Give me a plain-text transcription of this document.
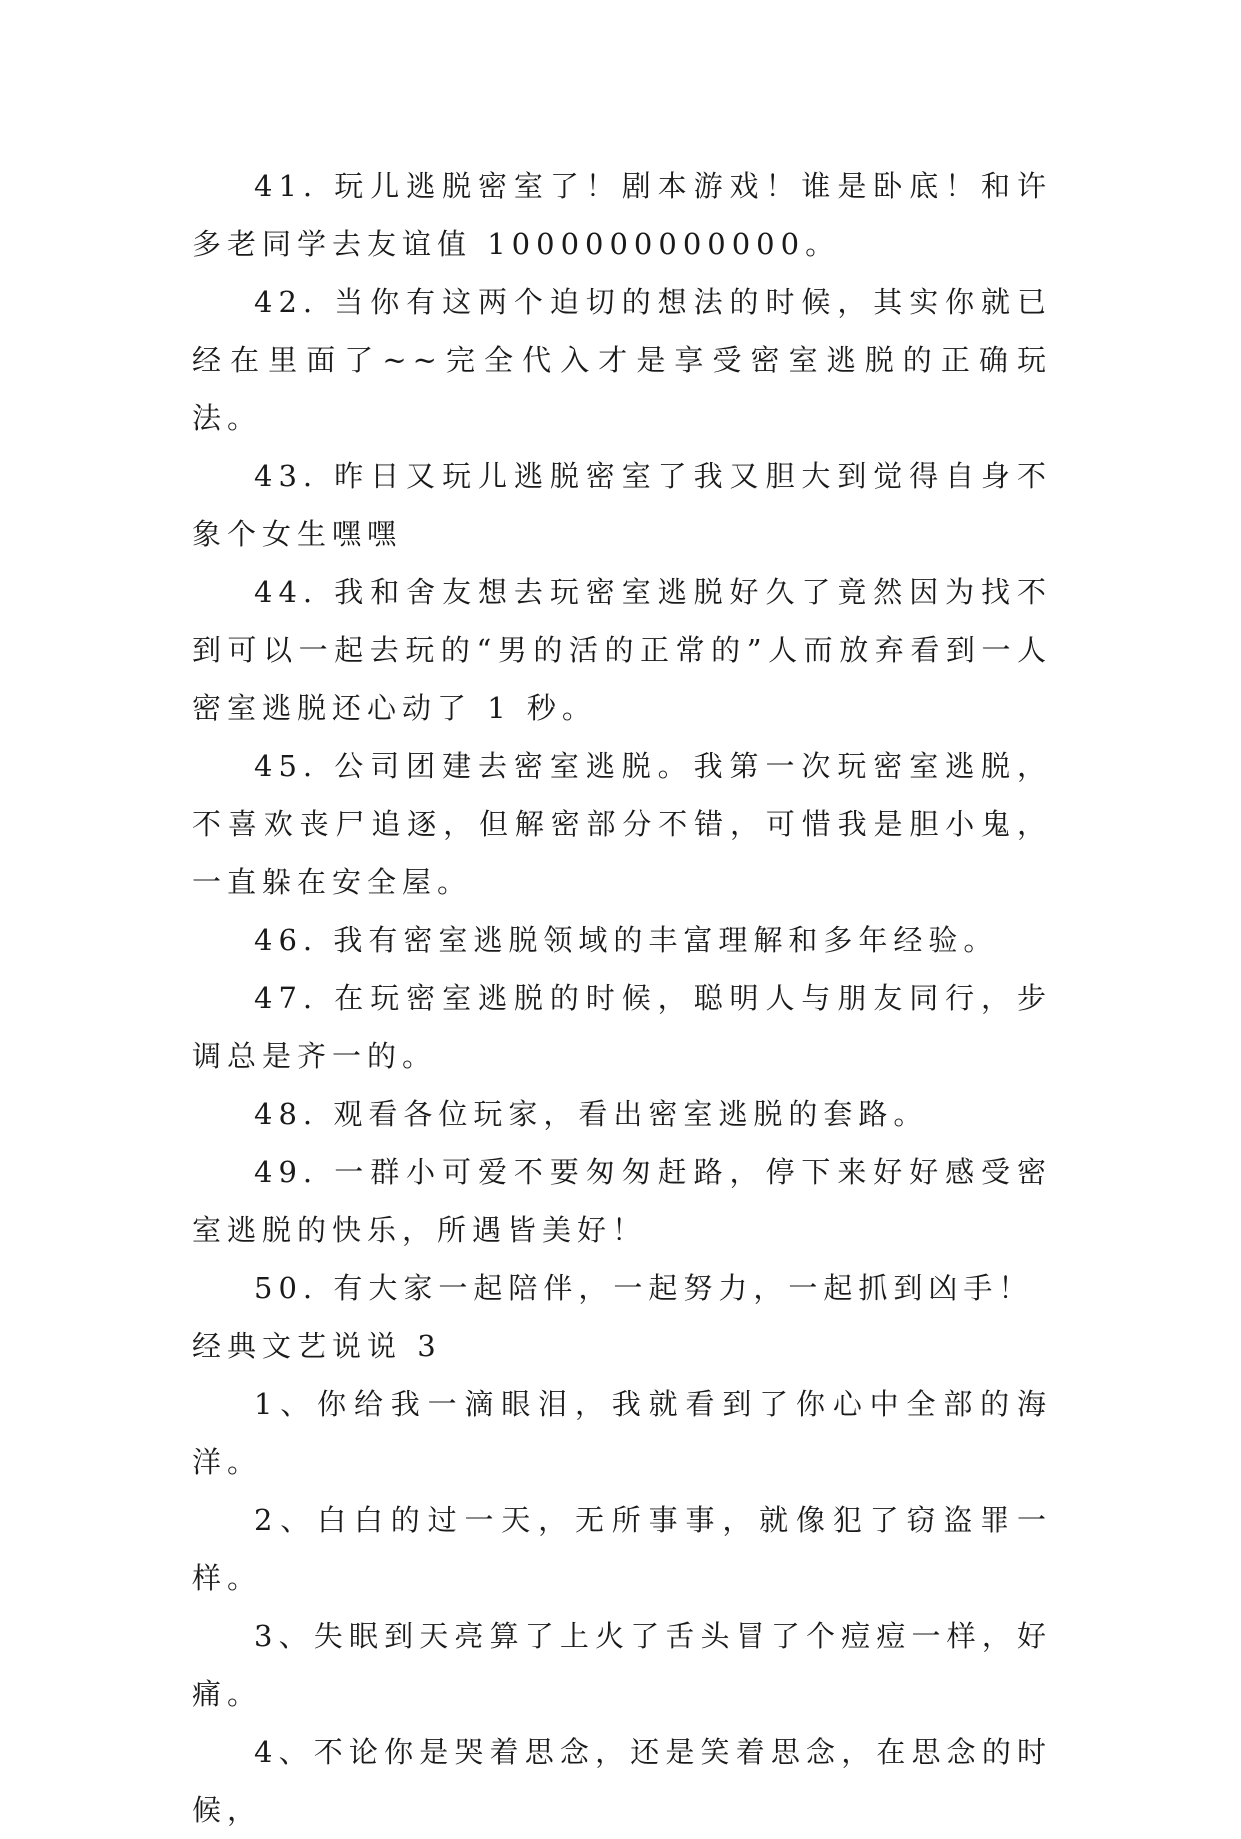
41. 玩儿逃脱密室了！剧本游戏！谁是卧底！和许多老同学去友谊值 1000000000000。

42. 当你有这两个迫切的想法的时候，其实你就已经在里面了~~完全代入才是享受密室逃脱的正确玩法。

43. 昨日又玩儿逃脱密室了我又胆大到觉得自身不象个女生嘿嘿

44. 我和舍友想去玩密室逃脱好久了竟然因为找不到可以一起去玩的“男的活的正常的”人而放弃看到一人密室逃脱还心动了 1 秒。

45. 公司团建去密室逃脱。我第一次玩密室逃脱，不喜欢丧尸追逐，但解密部分不错，可惜我是胆小鬼，一直躲在安全屋。

46. 我有密室逃脱领域的丰富理解和多年经验。

47. 在玩密室逃脱的时候，聪明人与朋友同行，步调总是齐一的。

48. 观看各位玩家，看出密室逃脱的套路。

49. 一群小可爱不要匆匆赶路，停下来好好感受密室逃脱的快乐，所遇皆美好！

50. 有大家一起陪伴，一起努力，一起抓到凶手！

经典文艺说说 3

1、你给我一滴眼泪，我就看到了你心中全部的海洋。

2、白白的过一天，无所事事，就像犯了窃盗罪一样。

3、失眠到天亮算了上火了舌头冒了个痘痘一样，好痛。

4、不论你是哭着思念，还是笑着思念，在思念的时候，
